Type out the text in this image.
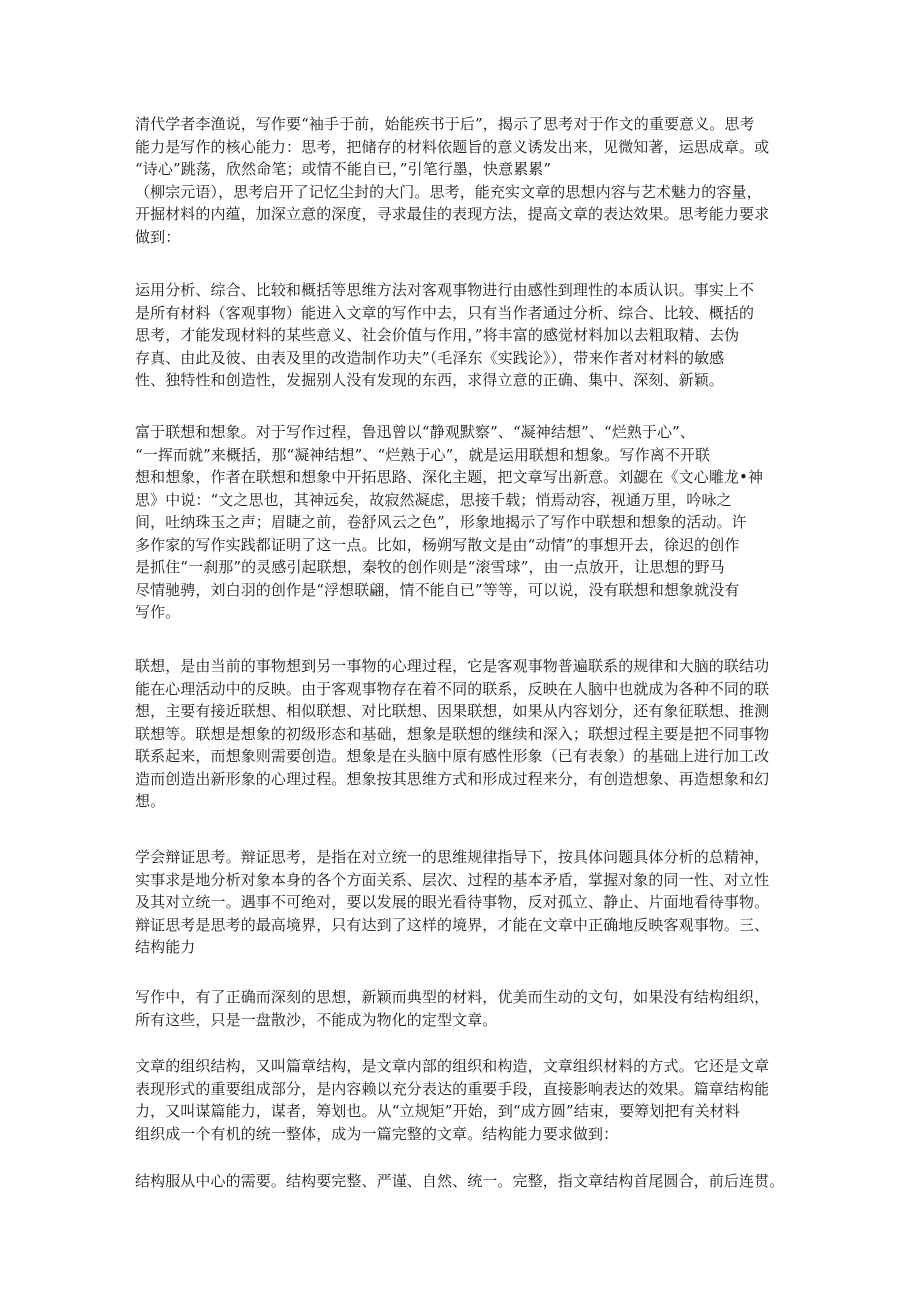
清代学者李渔说，写作要“袖手于前，始能疾书于后”，揭示了思考对于作文的重要意义。思考
能力是写作的核心能力：思考，把储存的材料依题旨的意义诱发出来，见微知著，运思成章。或
“诗心”跳荡，欣然命笔；或情不能自已，”引笔行墨，快意累累”
（柳宗元语），思考启开了记忆尘封的大门。思考，能充实文章的思想内容与艺术魅力的容量，
开掘材料的内蕴，加深立意的深度，寻求最佳的表现方法，提高文章的表达效果。思考能力要求
做到：
运用分析、综合、比较和概括等思维方法对客观事物进行由感性到理性的本质认识。事实上不
是所有材料（客观事物）能进入文章的写作中去，只有当作者通过分析、综合、比较、概括的
思考，才能发现材料的某些意义、社会价值与作用，”将丰富的感觉材料加以去粗取精、去伪
存真、由此及彼、由表及里的改造制作功夫”（毛泽东《实践论》），带来作者对材料的敏感
性、独特性和创造性，发掘别人没有发现的东西，求得立意的正确、集中、深刻、新颖。
富于联想和想象。对于写作过程，鲁迅曾以“静观默察”、“凝神结想”、“烂熟于心”、
“一挥而就”来概括，那“凝神结想”、“烂熟于心”，就是运用联想和想象。写作离不开联
想和想象，作者在联想和想象中开拓思路、深化主题，把文章写出新意。刘勰在《文心雕龙•神
思》中说：“文之思也，其神远矣，故寂然凝虑，思接千载；悄焉动容，视通万里，吟咏之
间，吐纳珠玉之声；眉睫之前，卷舒风云之色”，形象地揭示了写作中联想和想象的活动。许
多作家的写作实践都证明了这一点。比如，杨朔写散文是由“动情”的事想开去，徐迟的创作
是抓住“一刹那”的灵感引起联想，秦牧的创作则是“滚雪球”，由一点放开，让思想的野马
尽情驰骋，刘白羽的创作是“浮想联翩，情不能自已”等等，可以说，没有联想和想象就没有
写作。
联想，是由当前的事物想到另一事物的心理过程，它是客观事物普遍联系的规律和大脑的联结功
能在心理活动中的反映。由于客观事物存在着不同的联系，反映在人脑中也就成为各种不同的联
想，主要有接近联想、相似联想、对比联想、因果联想，如果从内容划分，还有象征联想、推测
联想等。联想是想象的初级形态和基础，想象是联想的继续和深入；联想过程主要是把不同事物
联系起来，而想象则需要创造。想象是在头脑中原有感性形象（已有表象）的基础上进行加工改
造而创造出新形象的心理过程。想象按其思维方式和形成过程来分，有创造想象、再造想象和幻
想。
学会辩证思考。辩证思考，是指在对立统一的思维规律指导下，按具体问题具体分析的总精神，
实事求是地分析对象本身的各个方面关系、层次、过程的基本矛盾，掌握对象的同一性、对立性
及其对立统一。遇事不可绝对，要以发展的眼光看待事物，反对孤立、静止、片面地看待事物。
辩证思考是思考的最高境界，只有达到了这样的境界，才能在文章中正确地反映客观事物。三、
结构能力
写作中，有了正确而深刻的思想，新颖而典型的材料，优美而生动的文句，如果没有结构组织，
所有这些，只是一盘散沙，不能成为物化的定型文章。
文章的组织结构，又叫篇章结构，是文章内部的组织和构造，文章组织材料的方式。它还是文章
表现形式的重要组成部分，是内容赖以充分表达的重要手段，直接影响表达的效果。篇章结构能
力，又叫谋篇能力，谋者，筹划也。从“立规矩”开始，到“成方圆”结束，要筹划把有关材料
组织成一个有机的统一整体，成为一篇完整的文章。结构能力要求做到：
结构服从中心的需要。结构要完整、严谨、自然、统一。完整，指文章结构首尾圆合，前后连贯。
